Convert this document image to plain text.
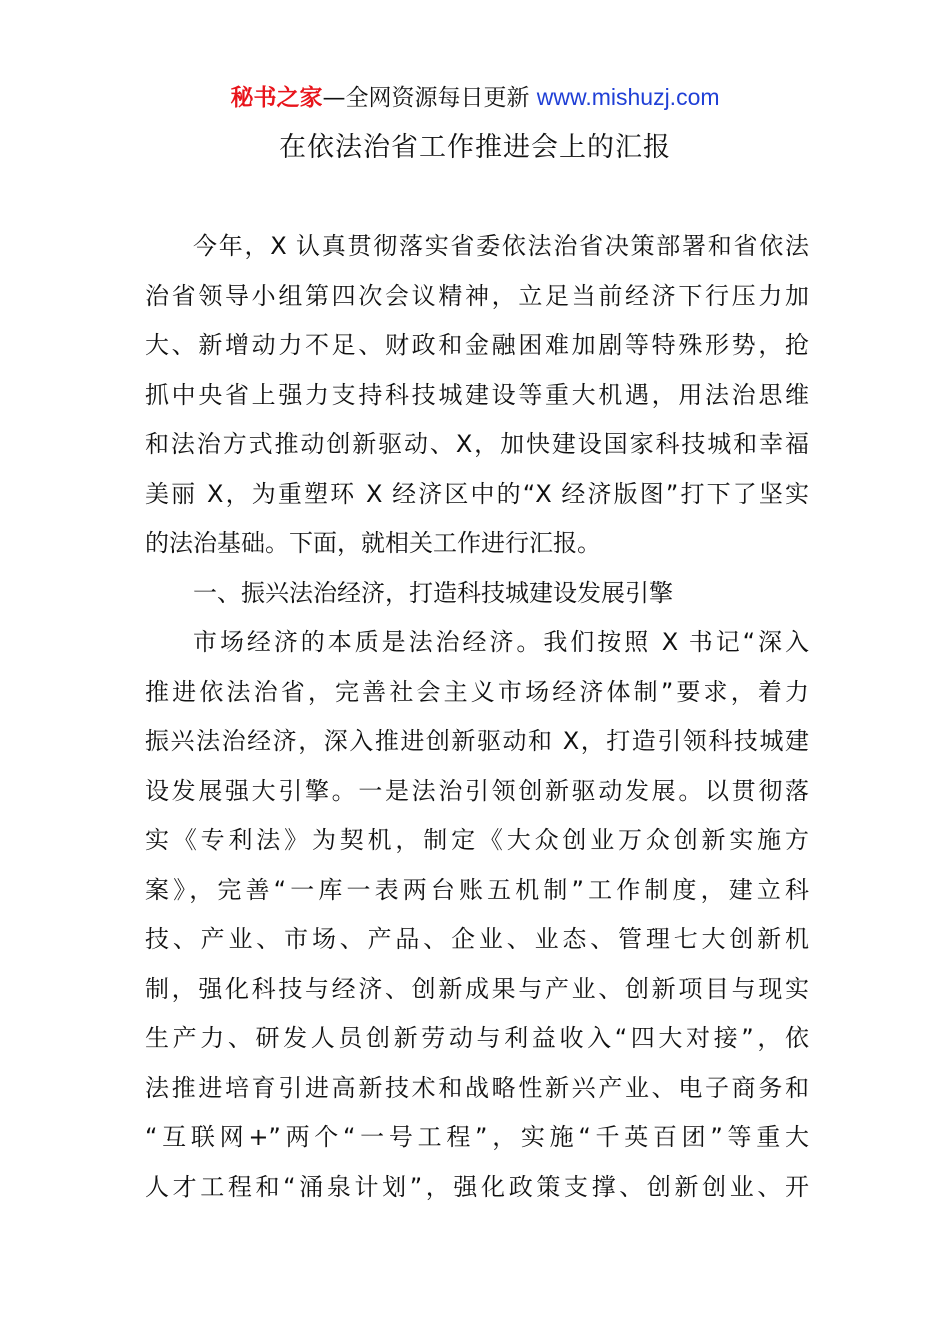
秘书之家—全网资源每日更新 www.mishuzj.com
在依法治省工作推进会上的汇报
今年，X 认真贯彻落实省委依法治省决策部署和省依法
治省领导小组第四次会议精神，立足当前经济下行压力加
大、新增动力不足、财政和金融困难加剧等特殊形势，抢
抓中央省上强力支持科技城建设等重大机遇，用法治思维
和法治方式推动创新驱动、X，加快建设国家科技城和幸福
美丽 X，为重塑环 X 经济区中的“X 经济版图”打下了坚实
的法治基础。下面，就相关工作进行汇报。
一、振兴法治经济，打造科技城建设发展引擎
市场经济的本质是法治经济。我们按照 X 书记“深入
推进依法治省，完善社会主义市场经济体制”要求，着力
振兴法治经济，深入推进创新驱动和 X，打造引领科技城建
设发展强大引擎。一是法治引领创新驱动发展。以贯彻落
实《专利法》为契机，制定《大众创业万众创新实施方
案》，完善“一库一表两台账五机制”工作制度，建立科
技、产业、市场、产品、企业、业态、管理七大创新机
制，强化科技与经济、创新成果与产业、创新项目与现实
生产力、研发人员创新劳动与利益收入“四大对接”，依
法推进培育引进高新技术和战略性新兴产业、电子商务和
“互联网+”两个“一号工程”，实施“千英百团”等重大
人才工程和“涌泉计划”，强化政策支撑、创新创业、开
